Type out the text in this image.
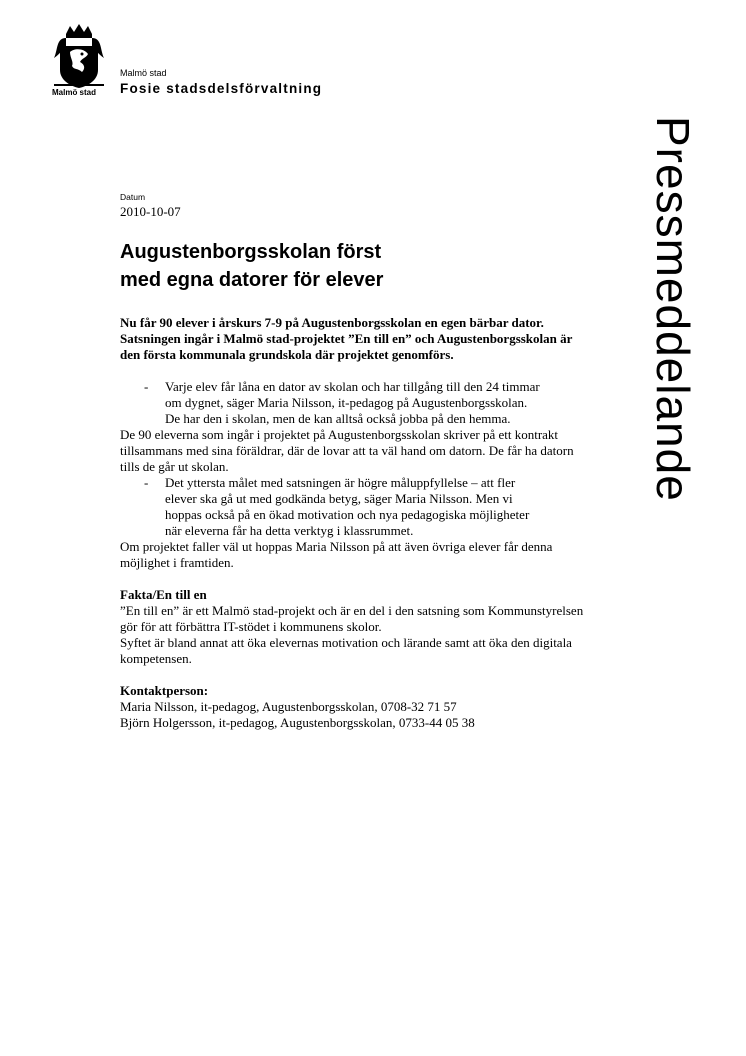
Malmö stad
Malmö stad
Fosie stadsdelsförvaltning
Pressmeddelande
Datum
2010-10-07
Augustenborgsskolan först
med egna datorer för elever

Nu får 90 elever i årskurs 7-9 på Augustenborgsskolan en egen bärbar dator. Satsningen ingår i Malmö stad-projektet ”En till en” och Augustenborgsskolan är den första kommunala grundskola där projektet genomförs.

- Varje elev får låna en dator av skolan och har tillgång till den 24 timmar
om dygnet, säger Maria Nilsson, it-pedagog på Augustenborgsskolan.
De har den i skolan, men de kan alltså också jobba på den hemma.

De 90 eleverna som ingår i projektet på Augustenborgsskolan skriver på ett kontrakt tillsammans med sina föräldrar, där de lovar att ta väl hand om datorn. De får ha datorn tills de går ut skolan.

- Det yttersta målet med satsningen är högre måluppfyllelse – att fler
elever ska gå ut med godkända betyg, säger Maria Nilsson. Men vi
hoppas också på en ökad motivation och nya pedagogiska möjligheter
när eleverna får ha detta verktyg i klassrummet.

Om projektet faller väl ut hoppas Maria Nilsson på att även övriga elever får denna möjlighet i framtiden.

Fakta/En till en

”En till en” är ett Malmö stad-projekt och är en del i den satsning som Kommunstyrelsen gör för att förbättra IT-stödet i kommunens skolor.

Syftet är bland annat att öka elevernas motivation och lärande samt att öka den digitala kompetensen.

Kontaktperson:

Maria Nilsson, it-pedagog, Augustenborgsskolan, 0708-32 71 57

Björn Holgersson, it-pedagog, Augustenborgsskolan, 0733-44 05 38
